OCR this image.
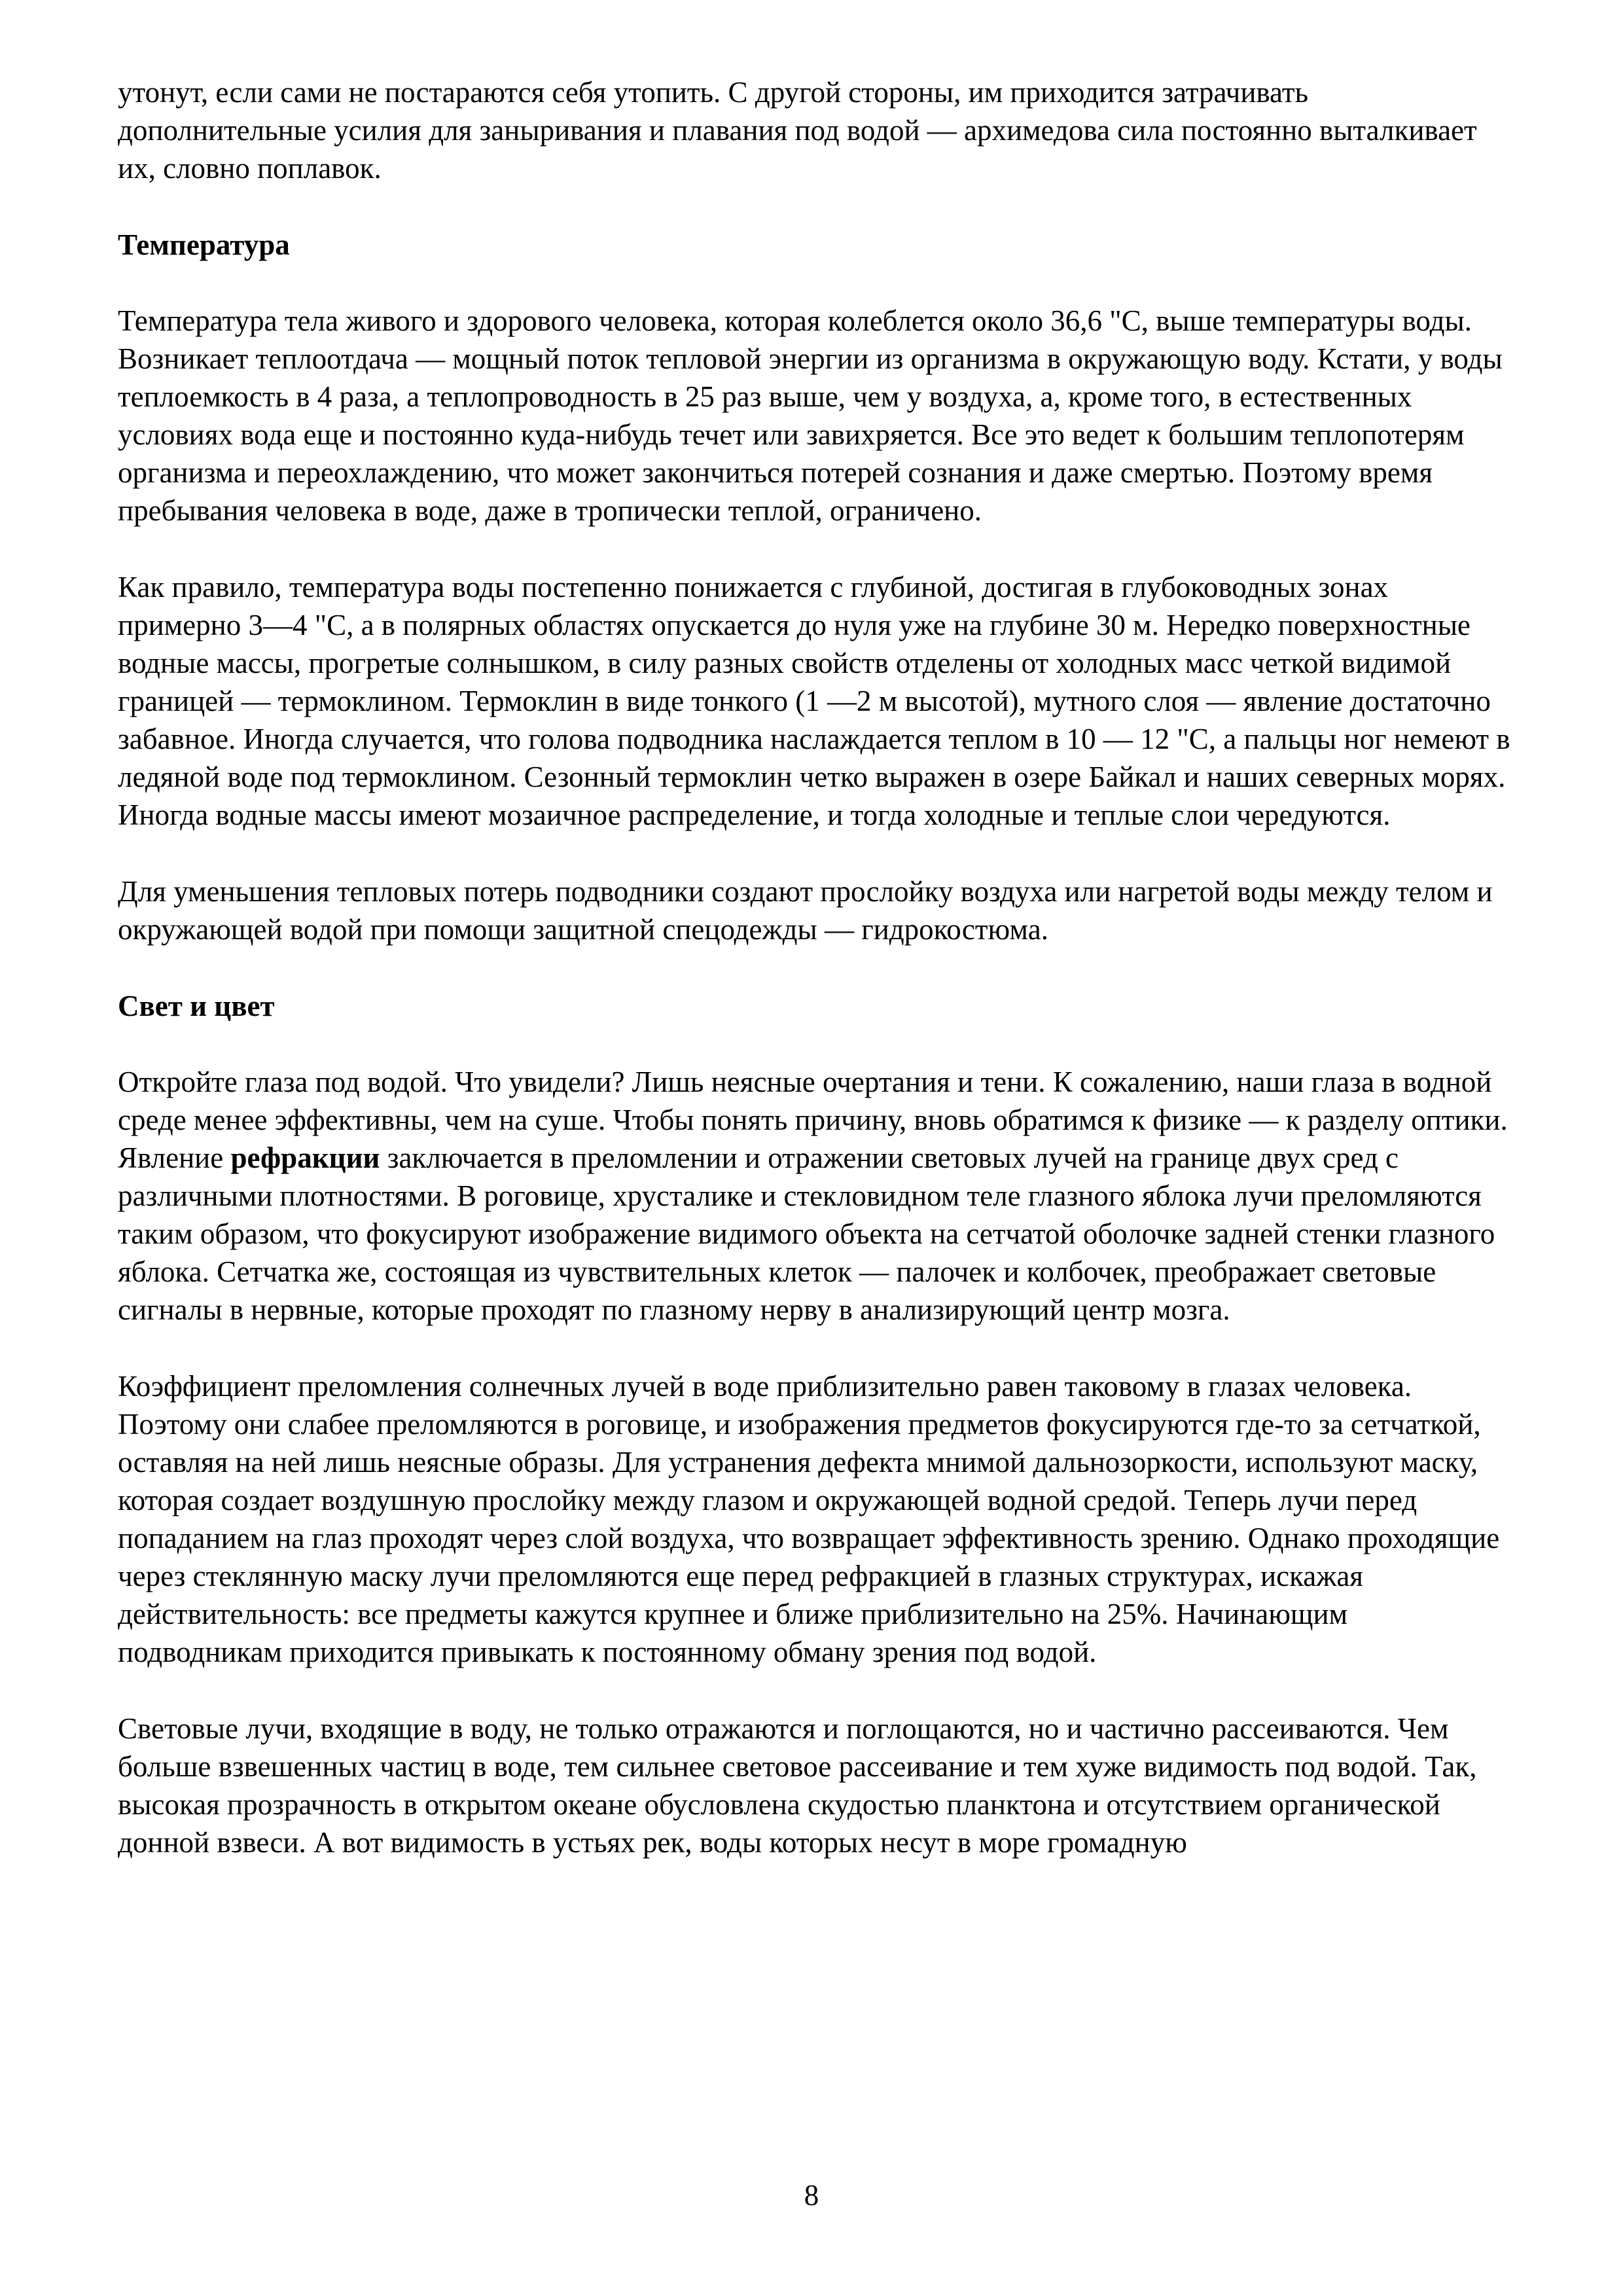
утонут, если сами не постараются себя утопить. С другой стороны, им приходится затрачивать дополнительные усилия для заныривания и плавания под водой — архимедова сила постоянно выталкивает их, словно поплавок.

Температура

Температура тела живого и здорового человека, которая колеблется около 36,6 "С, выше температуры воды. Возникает теплоотдача — мощный поток тепловой энергии из организма в окружающую воду. Кстати, у воды теплоемкость в 4 раза, а теплопроводность в 25 раз выше, чем у воздуха, а, кроме того, в естественных условиях вода еще и постоянно куда-нибудь течет или завихряется. Все это ведет к большим теплопотерям организма и переохлаждению, что может закончиться потерей сознания и даже смертью. Поэтому время пребывания человека в воде, даже в тропически теплой, ограничено.

Как правило, температура воды постепенно понижается с глубиной, достигая в глубоководных зонах примерно 3—4 "С, а в полярных областях опускается до нуля уже на глубине 30 м. Нередко поверхностные водные массы, прогретые солнышком, в силу разных свойств отделены от холодных масс четкой видимой границей — термоклином. Термоклин в виде тонкого (1 —2 м высотой), мутного слоя — явление достаточно забавное. Иногда случается, что голова подводника наслаждается теплом в 10 — 12 "С, а пальцы ног немеют в ледяной воде под термоклином. Сезонный термоклин четко выражен в озере Байкал и наших северных морях. Иногда водные массы имеют мозаичное распределение, и тогда холодные и теплые слои чередуются.

Для уменьшения тепловых потерь подводники создают прослойку воздуха или нагретой воды между телом и окружающей водой при помощи защитной спецодежды — гидрокостюма.

Свет и цвет

Откройте глаза под водой. Что увидели? Лишь неясные очертания и тени. К сожалению, наши глаза в водной среде менее эффективны, чем на суше. Чтобы понять причину, вновь обратимся к физике — к разделу оптики. Явление рефракции заключается в преломлении и отражении световых лучей на границе двух сред с различными плотностями. В роговице, хрусталике и стекловидном теле глазного яблока лучи преломляются таким образом, что фокусируют изображение видимого объекта на сетчатой оболочке задней стенки глазного яблока. Сетчатка же, состоящая из чувствительных клеток — палочек и колбочек, преображает световые сигналы в нервные, которые проходят по глазному нерву в анализирующий центр мозга.

Коэффициент преломления солнечных лучей в воде приблизительно равен таковому в глазах человека. Поэтому они слабее преломляются в роговице, и изображения предметов фокусируются где-то за сетчаткой, оставляя на ней лишь неясные образы. Для устранения дефекта мнимой дальнозоркости, используют маску, которая создает воздушную прослойку между глазом и окружающей водной средой. Теперь лучи перед попаданием на глаз проходят через слой воздуха, что возвращает эффективность зрению. Однако проходящие через стеклянную маску лучи преломляются еще перед рефракцией в глазных структурах, искажая действительность: все предметы кажутся крупнее и ближе приблизительно на 25%. Начинающим подводникам приходится привыкать к постоянному обману зрения под водой.

Световые лучи, входящие в воду, не только отражаются и поглощаются, но и частично рассеиваются. Чем больше взвешенных частиц в воде, тем сильнее световое рассеивание и тем хуже видимость под водой. Так, высокая прозрачность в открытом океане обусловлена скудостью планктона и отсутствием органической донной взвеси. А вот видимость в устьях рек, воды которых несут в море громадную

8
